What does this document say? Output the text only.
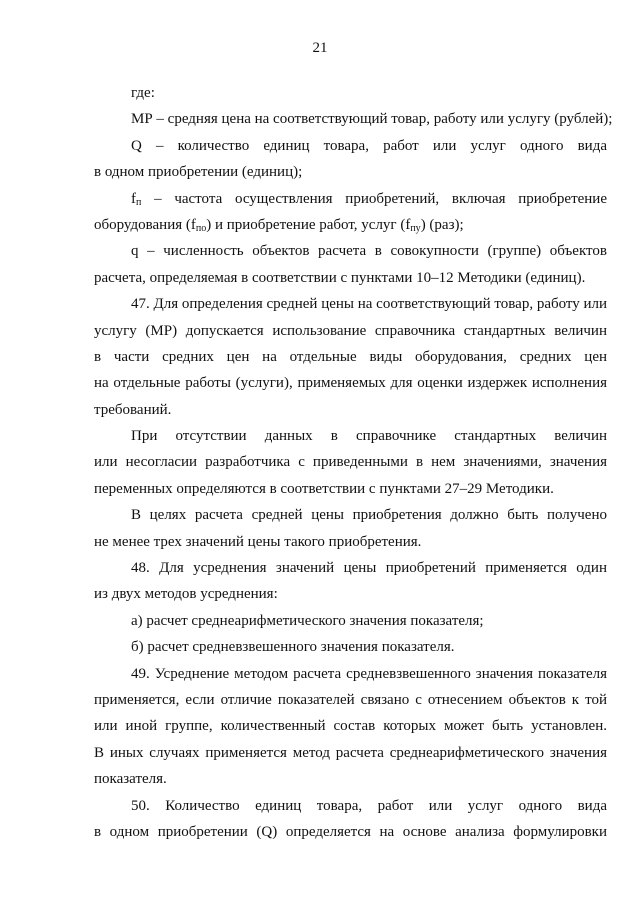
21
где:
МР – средняя цена на соответствующий товар, работу или услугу (рублей);
Q – количество единиц товара, работ или услуг одного вида
в одном приобретении (единиц);
$f_п$ – частота осуществления приобретений, включая приобретение
оборудования $(f_{по})$ и приобретение работ, услуг $(f_{пу})$ (раз);
q – численность объектов расчета в совокупности (группе) объектов
расчета, определяемая в соответствии с пунктами 10–12 Методики (единиц).
47. Для определения средней цены на соответствующий товар, работу или
услугу (МР) допускается использование справочника стандартных величин
в части средних цен на отдельные виды оборудования, средних цен
на отдельные работы (услуги), применяемых для оценки издержек исполнения
требований.
При отсутствии данных в справочнике стандартных величин
или несогласии разработчика с приведенными в нем значениями, значения
переменных определяются в соответствии с пунктами 27–29 Методики.
В целях расчета средней цены приобретения должно быть получено
не менее трех значений цены такого приобретения.
48. Для усреднения значений цены приобретений применяется один
из двух методов усреднения:
а) расчет среднеарифметического значения показателя;
б) расчет средневзвешенного значения показателя.
49. Усреднение методом расчета средневзвешенного значения показателя
применяется, если отличие показателей связано с отнесением объектов к той
или иной группе, количественный состав которых может быть установлен.
В иных случаях применяется метод расчета среднеарифметического значения
показателя.
50. Количество единиц товара, работ или услуг одного вида
в одном приобретении (Q) определяется на основе анализа формулировки
